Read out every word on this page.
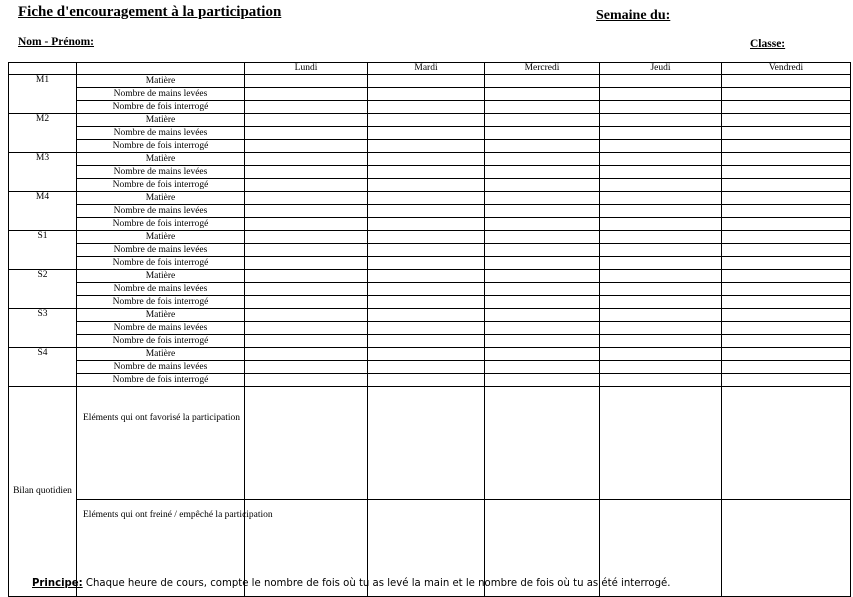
Fiche d'encouragement à la participation	Semaine du:
Nom - Prénom:	Classe:
		Lundi	Mardi	Mercredi	Jeudi	Vendredi
M1	Matière					
	Nombre de mains levées					
	Nombre de fois interrogé					
M2	Matière					
	Nombre de mains levées					
	Nombre de fois interrogé					
M3	Matière					
	Nombre de mains levées					
	Nombre de fois interrogé					
M4	Matière					
	Nombre de mains levées					
	Nombre de fois interrogé					
S1	Matière					
	Nombre de mains levées					
	Nombre de fois interrogé					
S2	Matière					
	Nombre de mains levées					
	Nombre de fois interrogé					
S3	Matière					
	Nombre de mains levées					
	Nombre de fois interrogé					
S4	Matière					
	Nombre de mains levées					
	Nombre de fois interrogé					
Bilan quotidien	Eléments qui ont favorisé la participation					
	Eléments qui ont freiné / empêché la participation					
Principe: Chaque heure de cours, compte le nombre de fois où tu as levé la main et le nombre de fois où tu as été interrogé.
